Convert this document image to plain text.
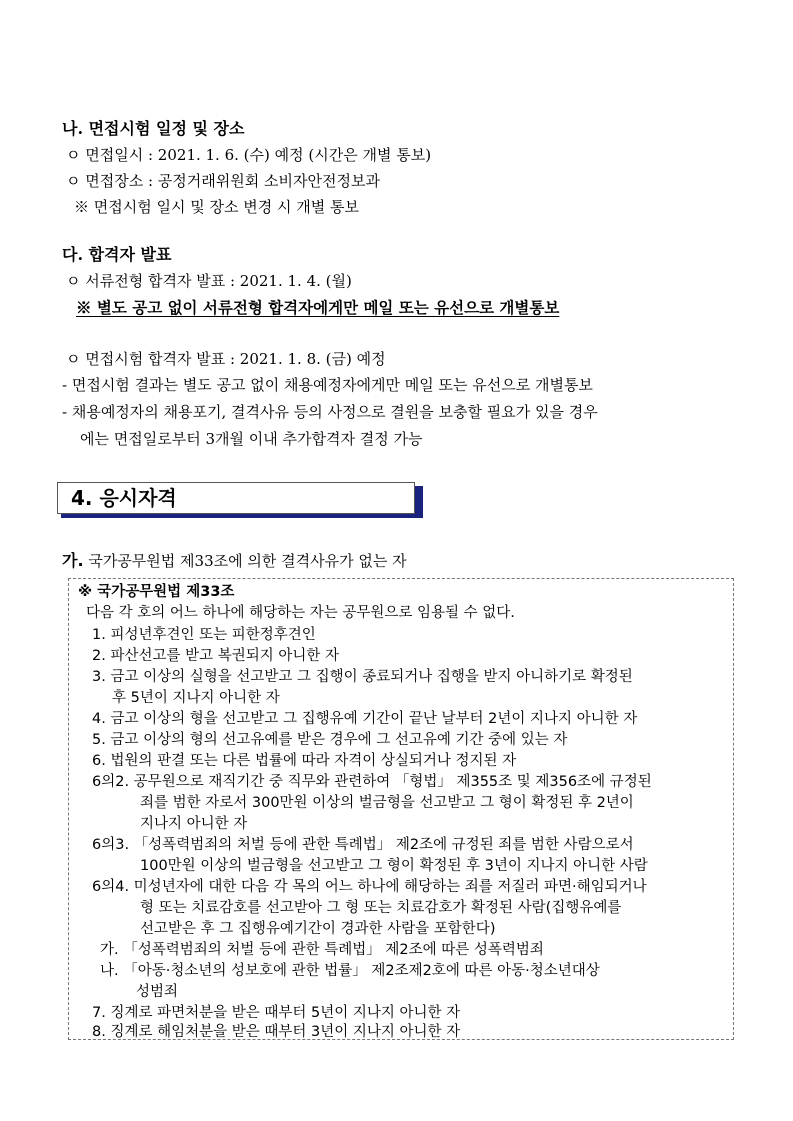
나. 면접시험 일정 및 장소
ㅇ 면접일시 : 2021. 1. 6. (수) 예정 (시간은 개별 통보)
ㅇ 면접장소 : 공정거래위원회 소비자안전정보과
※ 면접시험 일시 및 장소 변경 시 개별 통보
다. 합격자 발표
ㅇ 서류전형 합격자 발표 : 2021. 1. 4. (월)
※ 별도 공고 없이 서류전형 합격자에게만 메일 또는 유선으로 개별통보
ㅇ 면접시험 합격자 발표 : 2021. 1. 8. (금) 예정
- 면접시험 결과는 별도 공고 없이 채용예정자에게만 메일 또는 유선으로 개별통보
- 채용예정자의 채용포기, 결격사유 등의 사정으로 결원을 보충할 필요가 있을 경우
에는 면접일로부터 3개월 이내 추가합격자 결정 가능
4. 응시자격
가. 국가공무원법 제33조에 의한 결격사유가 없는 자
※ 국가공무원법 제33조
다음 각 호의 어느 하나에 해당하는 자는 공무원으로 임용될 수 없다.
1. 피성년후견인 또는 피한정후견인
2. 파산선고를 받고 복권되지 아니한 자
3. 금고 이상의 실형을 선고받고 그 집행이 종료되거나 집행을 받지 아니하기로 확정된
후 5년이 지나지 아니한 자
4. 금고 이상의 형을 선고받고 그 집행유예 기간이 끝난 날부터 2년이 지나지 아니한 자
5. 금고 이상의 형의 선고유예를 받은 경우에 그 선고유예 기간 중에 있는 자
6. 법원의 판결 또는 다른 법률에 따라 자격이 상실되거나 정지된 자
6의2. 공무원으로 재직기간 중 직무와 관련하여 「형법」 제355조 및 제356조에 규정된
죄를 범한 자로서 300만원 이상의 벌금형을 선고받고 그 형이 확정된 후 2년이
지나지 아니한 자
6의3. 「성폭력범죄의 처벌 등에 관한 특례법」 제2조에 규정된 죄를 범한 사람으로서
100만원 이상의 벌금형을 선고받고 그 형이 확정된 후 3년이 지나지 아니한 사람
6의4. 미성년자에 대한 다음 각 목의 어느 하나에 해당하는 죄를 저질러 파면·해임되거나
형 또는 치료감호를 선고받아 그 형 또는 치료감호가 확정된 사람(집행유예를
선고받은 후 그 집행유예기간이 경과한 사람을 포함한다)
가. 「성폭력범죄의 처벌 등에 관한 특례법」 제2조에 따른 성폭력범죄
나. 「아동·청소년의 성보호에 관한 법률」 제2조제2호에 따른 아동·청소년대상
성범죄
7. 징계로 파면처분을 받은 때부터 5년이 지나지 아니한 자
8. 징계로 해임처분을 받은 때부터 3년이 지나지 아니한 자
